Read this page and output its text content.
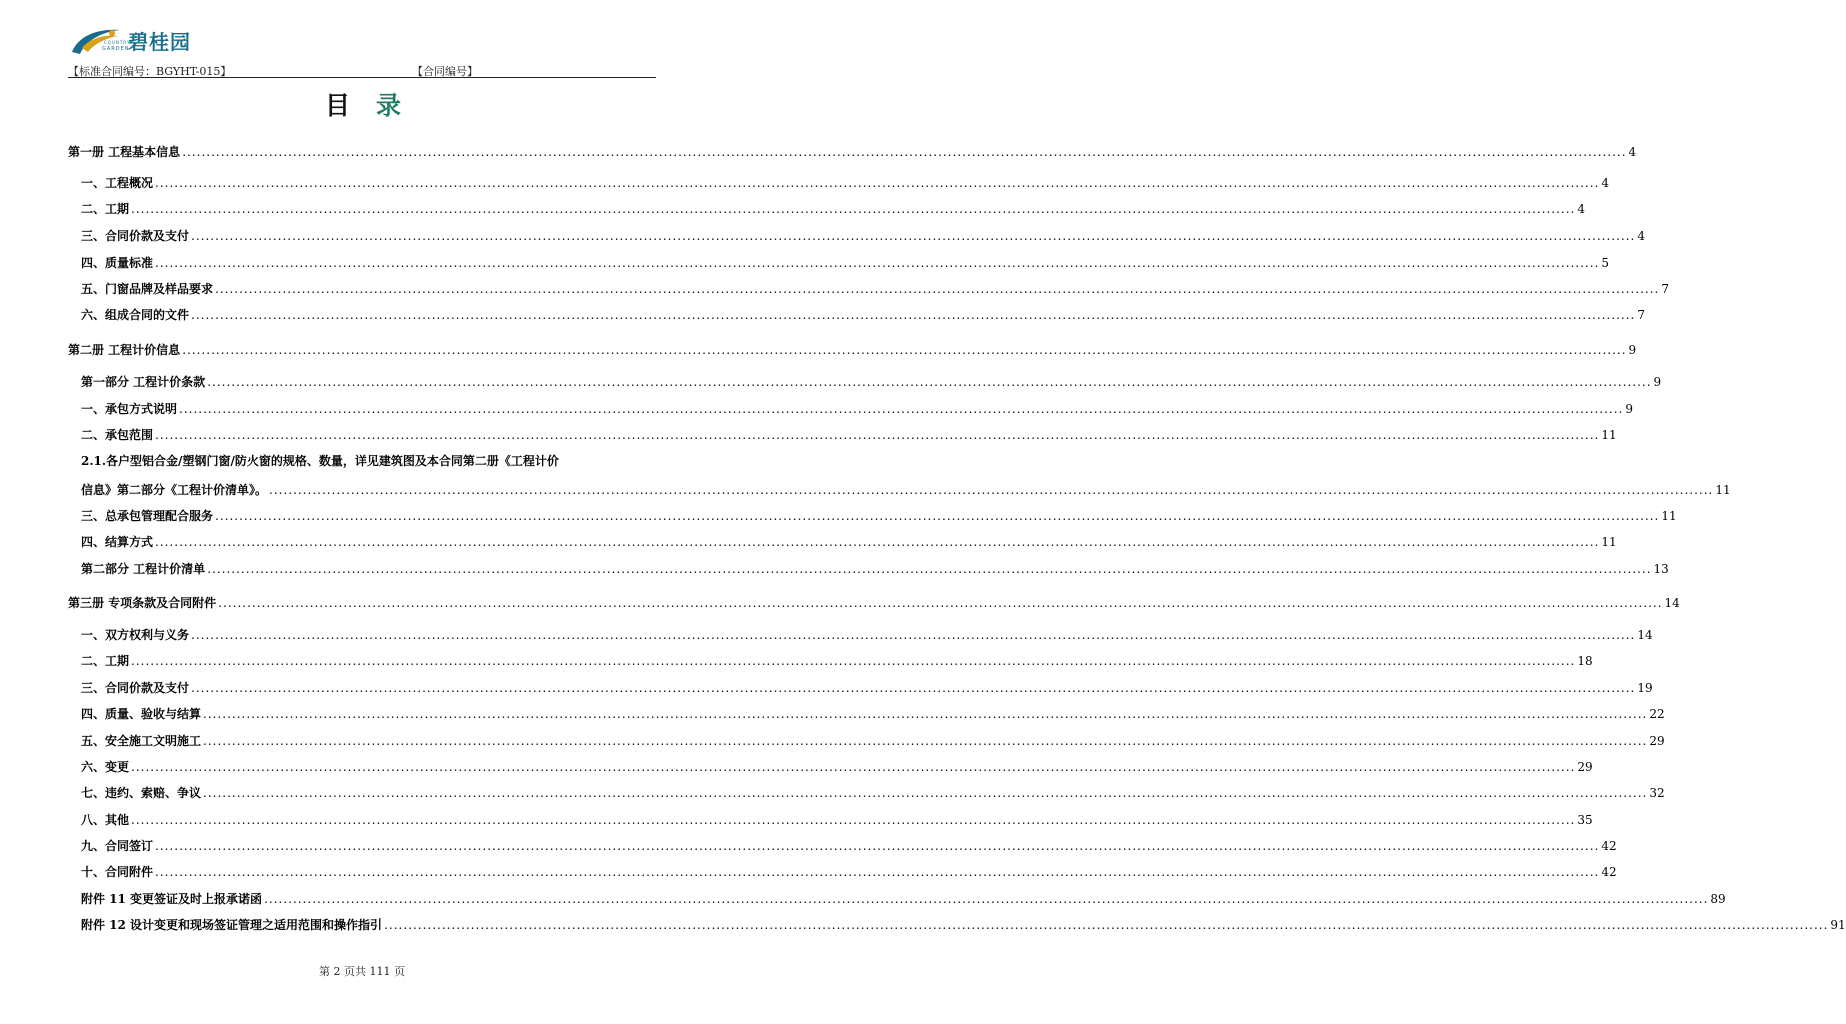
碧桂园
COUNTRY
GARDEN
【标准合同编号：BGYHT-015】	【合同编号】
目 录
第一册 工程基本信息 ............................................................................................................................................................................................................................................................................................................ 4
一、工程概况 ............................................................................................................................................................................................................................................................................................................ 4
二、工期 ............................................................................................................................................................................................................................................................................................................ 4
三、合同价款及支付 ............................................................................................................................................................................................................................................................................................................ 4
四、质量标准 ............................................................................................................................................................................................................................................................................................................ 5
五、门窗品牌及样品要求 ............................................................................................................................................................................................................................................................................................................ 7
六、组成合同的文件 ............................................................................................................................................................................................................................................................................................................ 7
第二册 工程计价信息 ............................................................................................................................................................................................................................................................................................................ 9
第一部分 工程计价条款 ............................................................................................................................................................................................................................................................................................................ 9
一、承包方式说明 ............................................................................................................................................................................................................................................................................................................ 9
二、承包范围 ............................................................................................................................................................................................................................................................................................................ 11
2.1.各户型铝合金/塑钢门窗/防火窗的规格、数量，详见建筑图及本合同第二册《工程计价
信息》第二部分《工程计价清单》。 ............................................................................................................................................................................................................................................................................................................ 11
三、总承包管理配合服务 ............................................................................................................................................................................................................................................................................................................ 11
四、结算方式 ............................................................................................................................................................................................................................................................................................................ 11
第二部分 工程计价清单 ............................................................................................................................................................................................................................................................................................................ 13
第三册 专项条款及合同附件 ............................................................................................................................................................................................................................................................................................................ 14
一、双方权利与义务 ............................................................................................................................................................................................................................................................................................................ 14
二、工期 ............................................................................................................................................................................................................................................................................................................ 18
三、合同价款及支付 ............................................................................................................................................................................................................................................................................................................ 19
四、质量、验收与结算 ............................................................................................................................................................................................................................................................................................................ 22
五、安全施工文明施工 ............................................................................................................................................................................................................................................................................................................ 29
六、变更 ............................................................................................................................................................................................................................................................................................................ 29
七、违约、索赔、争议 ............................................................................................................................................................................................................................................................................................................ 32
八、其他 ............................................................................................................................................................................................................................................................................................................ 35
九、合同签订 ............................................................................................................................................................................................................................................................................................................ 42
十、合同附件 ............................................................................................................................................................................................................................................................................................................ 42
附件 11 变更签证及时上报承诺函 ............................................................................................................................................................................................................................................................................................................ 89
附件 12 设计变更和现场签证管理之适用范围和操作指引 ............................................................................................................................................................................................................................................................................................................ 91
第 2 页共 111 页
